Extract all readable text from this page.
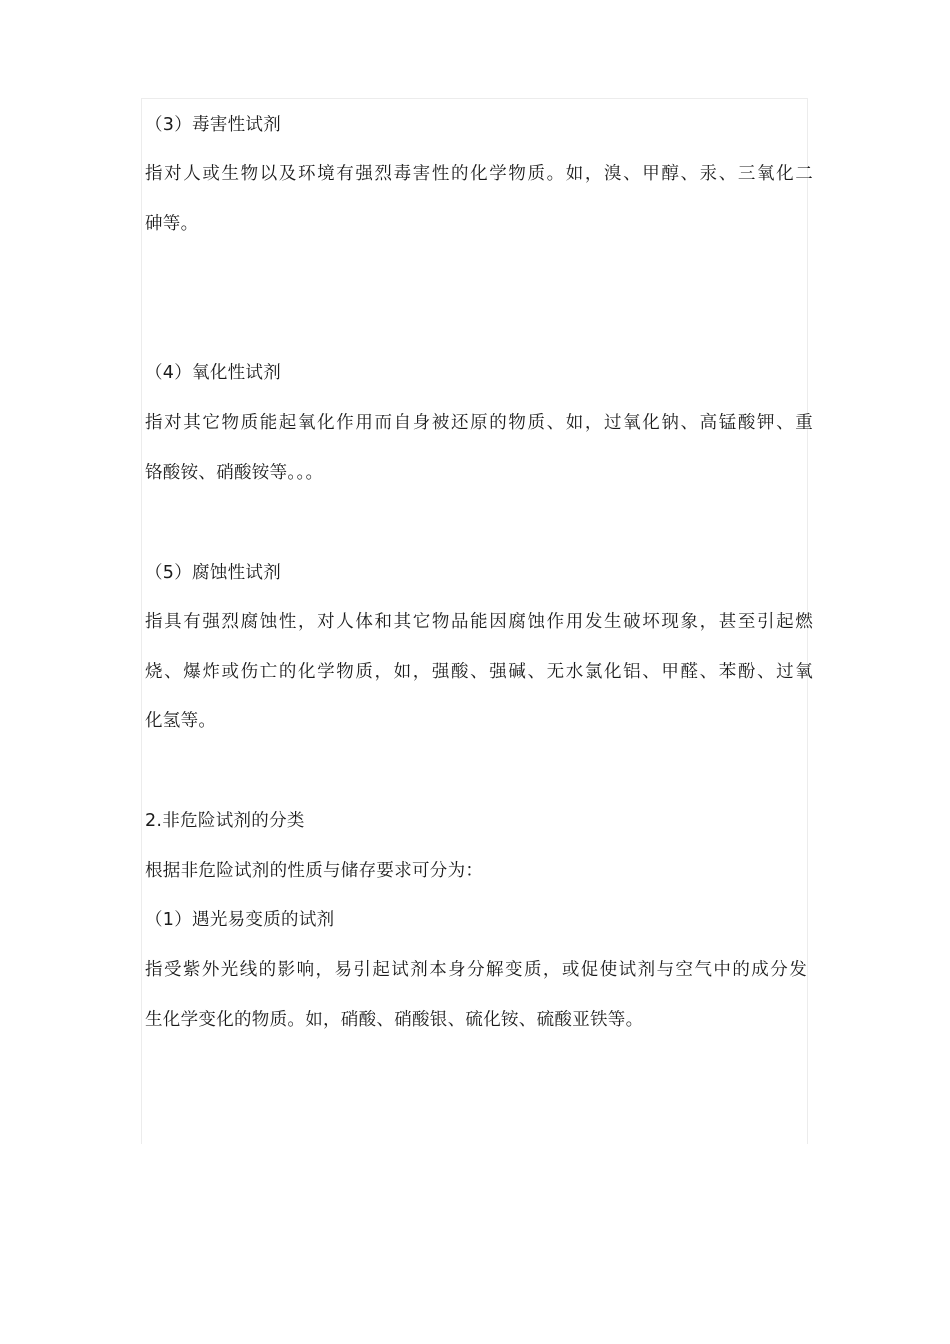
（3）毒害性试剂
指对人或生物以及环境有强烈毒害性的化学物质。如，溴、甲醇、汞、三氧化二
砷等。
（4）氧化性试剂
指对其它物质能起氧化作用而自身被还原的物质、如，过氧化钠、高锰酸钾、重
铬酸铵、硝酸铵等。。。
（5）腐蚀性试剂
指具有强烈腐蚀性，对人体和其它物品能因腐蚀作用发生破坏现象，甚至引起燃
烧、爆炸或伤亡的化学物质，如，强酸、强碱、无水氯化铝、甲醛、苯酚、过氧
化氢等。
2.非危险试剂的分类
根据非危险试剂的性质与储存要求可分为：
（1）遇光易变质的试剂
指受紫外光线的影响，易引起试剂本身分解变质，或促使试剂与空气中的成分发
生化学变化的物质。如，硝酸、硝酸银、硫化铵、硫酸亚铁等。
